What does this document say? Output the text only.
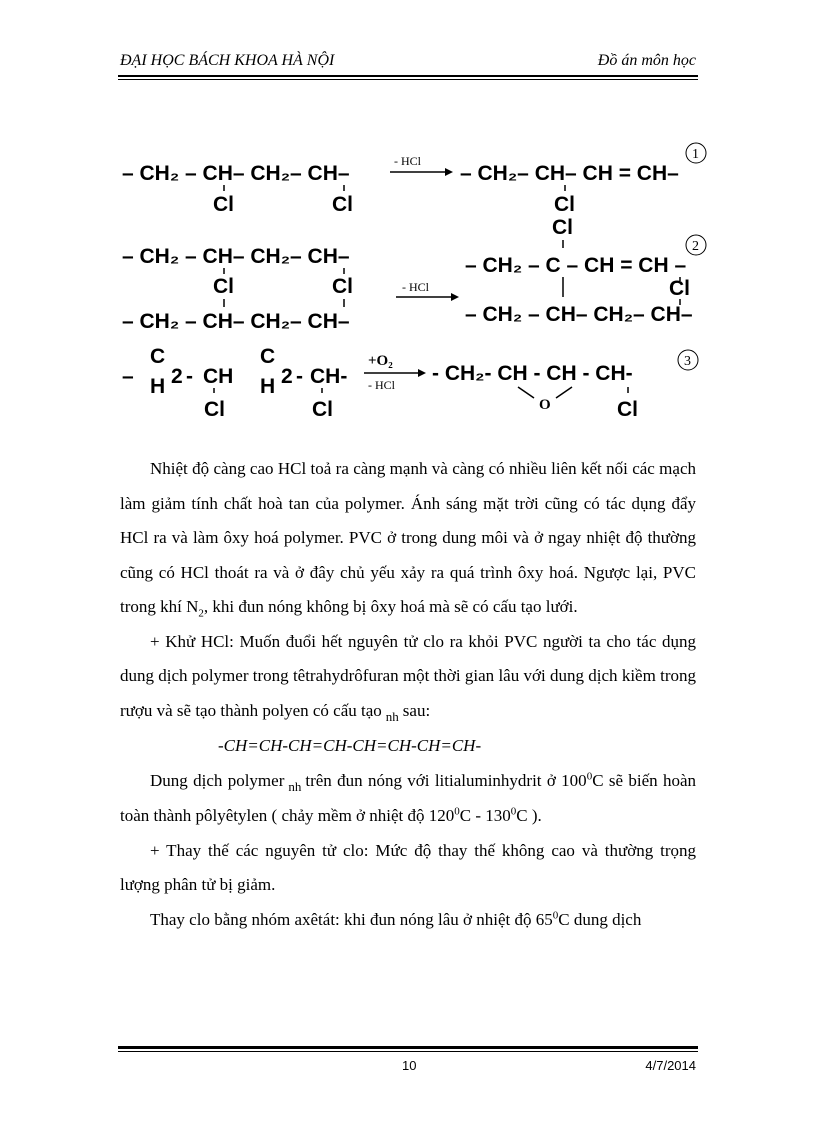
ĐẠI HỌC BÁCH KHOA HÀ NỘI	Đồ án môn học
– CH₂ – CH– CH₂– CH–
Cl	Cl
- HCl
– CH₂– CH– CH = CH–
Cl
1
– CH₂ – CH– CH₂– CH–
Cl	Cl
– CH₂ – CH– CH₂– CH–
- HCl
Cl
– CH₂ – C – CH = CH –
Cl
– CH₂ – CH– CH₂– CH–
2
–
C
H 2 - CH
Cl
C
H 2 - CH-
Cl
+O₂
- HCl - CH₂- CH - CH - CH-
O	Cl
3

Nhiệt độ càng cao HCl toả ra càng mạnh và càng có nhiều liên kết nối các mạch làm giảm tính chất hoà tan của polymer. Ánh sáng mặt trời cũng có tác dụng đẩy HCl ra và làm ôxy hoá polymer. PVC ở trong dung môi và ở ngay nhiệt độ thường cũng có HCl thoát ra và ở đây chủ yếu xảy ra quá trình ôxy hoá. Ngược lại, PVC trong khí $N_2$, khi đun nóng không bị ôxy hoá mà sẽ có cấu tạo lưới.

+ Khử HCl: Muốn đuổi hết nguyên tử clo ra khỏi PVC người ta cho tác dụng dung dịch polymer trong têtrahydrôfuran một thời gian lâu với dung dịch kiềm trong rượu và sẽ tạo thành polyen có cấu tạo $_{nh}$ sau:

-CH=CH-CH=CH-CH=CH-CH=CH-

Dung dịch polymer $_{nh}$ trên đun nóng với litialuminhydrit ở $100^0C$ sẽ biến hoàn toàn thành pôlyêtylen ( chảy mềm ở nhiệt độ $120^0C - 130^0C$ ).

+ Thay thế các nguyên tử clo: Mức độ thay thế không cao và thường trọng lượng phân tử bị giảm.

Thay clo bằng nhóm axêtát: khi đun nóng lâu ở nhiệt độ $65^0C$ dung dịch

10	4/7/2014
